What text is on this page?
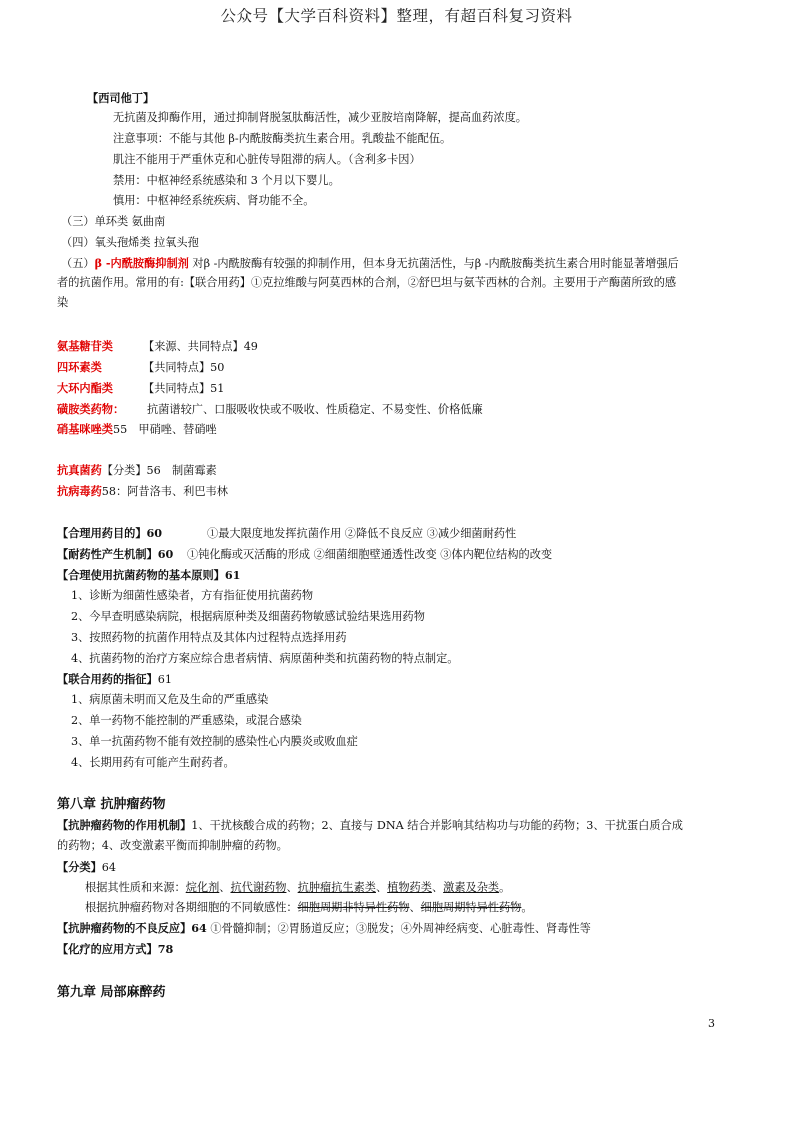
公众号【大学百科资料】整理，有超百科复习资料
【西司他丁】
无抗菌及抑酶作用，通过抑制肾脱氢肽酶活性，减少亚胺培南降解，提高血药浓度。
注意事项：不能与其他 β-内酰胺酶类抗生素合用。乳酸盐不能配伍。
肌注不能用于严重休克和心脏传导阻滞的病人。（含利多卡因）
禁用：中枢神经系统感染和 3 个月以下婴儿。
慎用：中枢神经系统疾病、肾功能不全。
（三）单环类 氨曲南
（四）氧头孢烯类 拉氧头孢
（五）β -内酰胺酶抑制剂 对β -内酰胺酶有较强的抑制作用，但本身无抗菌活性，与β -内酰胺酶类抗生素合用时能显著增强后
者的抗菌作用。常用的有:【联合用药】①克拉维酸与阿莫西林的合剂，②舒巴坦与氨苄西林的合剂。主要用于产酶菌所致的感
染
氨基糖苷类	【来源、共同特点】49
四环素类	【共同特点】50
大环内酯类	【共同特点】51
磺胺类药物： 抗菌谱较广、口服吸收快或不吸收、性质稳定、不易变性、价格低廉
硝基咪唑类55　甲硝唑、替硝唑
抗真菌药【分类】56　制菌霉素
抗病毒药58：阿昔洛韦、利巴韦林
【合理用药目的】60	①最大限度地发挥抗菌作用 ②降低不良反应 ③减少细菌耐药性
【耐药性产生机制】60 ①钝化酶或灭活酶的形成 ②细菌细胞壁通透性改变 ③体内靶位结构的改变
【合理使用抗菌药物的基本原则】61
1、诊断为细菌性感染者，方有指征使用抗菌药物
2、今早查明感染病院，根据病原种类及细菌药物敏感试验结果选用药物
3、按照药物的抗菌作用特点及其体内过程特点选择用药
4、抗菌药物的治疗方案应综合患者病情、病原菌种类和抗菌药物的特点制定。
【联合用药的指征】61
1、病原菌未明而又危及生命的严重感染
2、单一药物不能控制的严重感染，或混合感染
3、单一抗菌药物不能有效控制的感染性心内膜炎或败血症
4、长期用药有可能产生耐药者。
第八章 抗肿瘤药物
【抗肿瘤药物的作用机制】1、干扰核酸合成的药物；2、直接与 DNA 结合并影响其结构功与功能的药物；3、干扰蛋白质合成
的药物；4、改变激素平衡而抑制肿瘤的药物。
【分类】64
根据其性质和来源：烷化剂、抗代谢药物、抗肿瘤抗生素类、植物药类、激素及杂类。
根据抗肿瘤药物对各期细胞的不同敏感性：细胞周期非特异性药物、细胞周期特异性药物。
【抗肿瘤药物的不良反应】64 ①骨髓抑制；②胃肠道反应；③脱发；④外周神经病变、心脏毒性、肾毒性等
【化疗的应用方式】78
第九章 局部麻醉药
3
